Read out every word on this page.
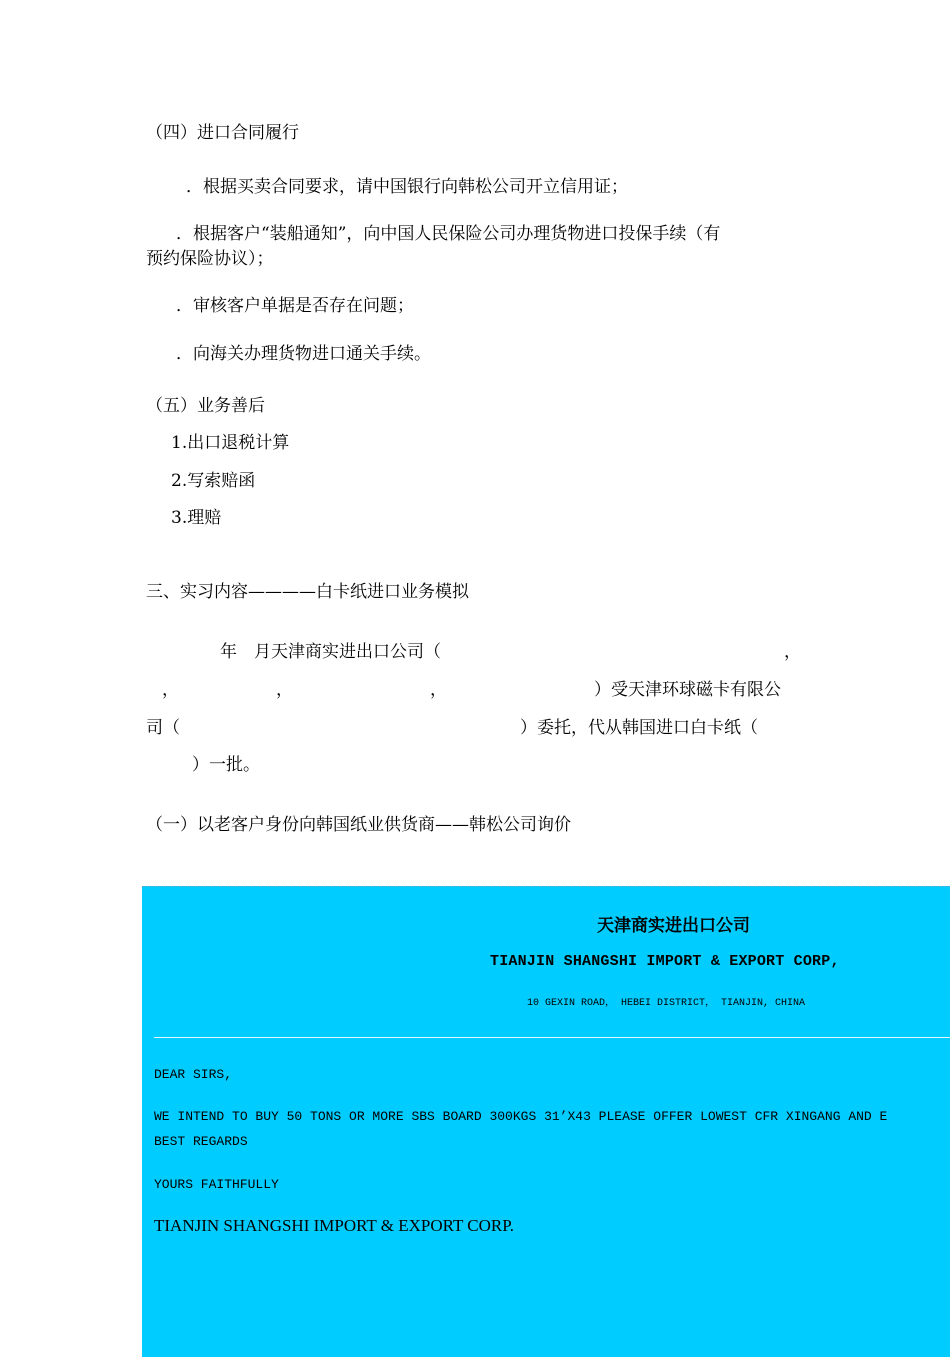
（四）进口合同履行
．根据买卖合同要求，请中国银行向韩松公司开立信用证；
．根据客户“装船通知”，向中国人民保险公司办理货物进口投保手续（有
预约保险协议）；
．审核客户单据是否存在问题；
．向海关办理货物进口通关手续。
（五）业务善后
1.出口退税计算
2.写索赔函
3.理赔
三、实习内容————白卡纸进口业务模拟
年　月天津商实进出口公司（	，
，	，	，	）受天津环球磁卡有限公
司（	）委托，代从韩国进口白卡纸（
）一批。
（一）以老客户身份向韩国纸业供货商——韩松公司询价
天津商实进出口公司
TIANJIN SHANGSHI IMPORT & EXPORT CORP,
10 GEXIN ROAD， HEBEI DISTRICT， TIANJIN, CHINA
DEAR SIRS,
WE INTEND TO BUY 50 TONS OR MORE SBS BOARD 300KGS 31’X43 PLEASE OFFER LOWEST CFR XINGANG AND E
BEST REGARDS
YOURS FAITHFULLY
TIANJIN SHANGSHI IMPORT & EXPORT CORP.
